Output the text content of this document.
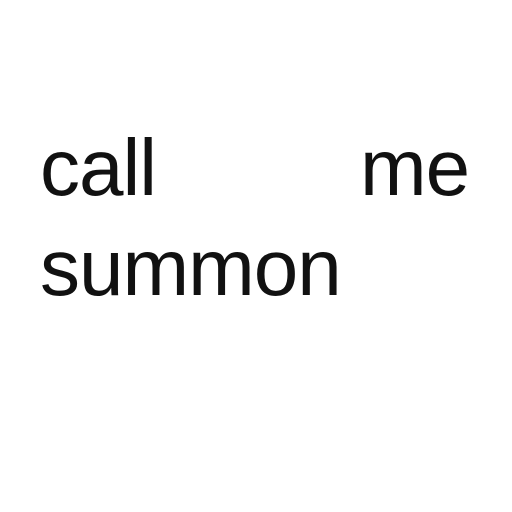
call	me
summon
